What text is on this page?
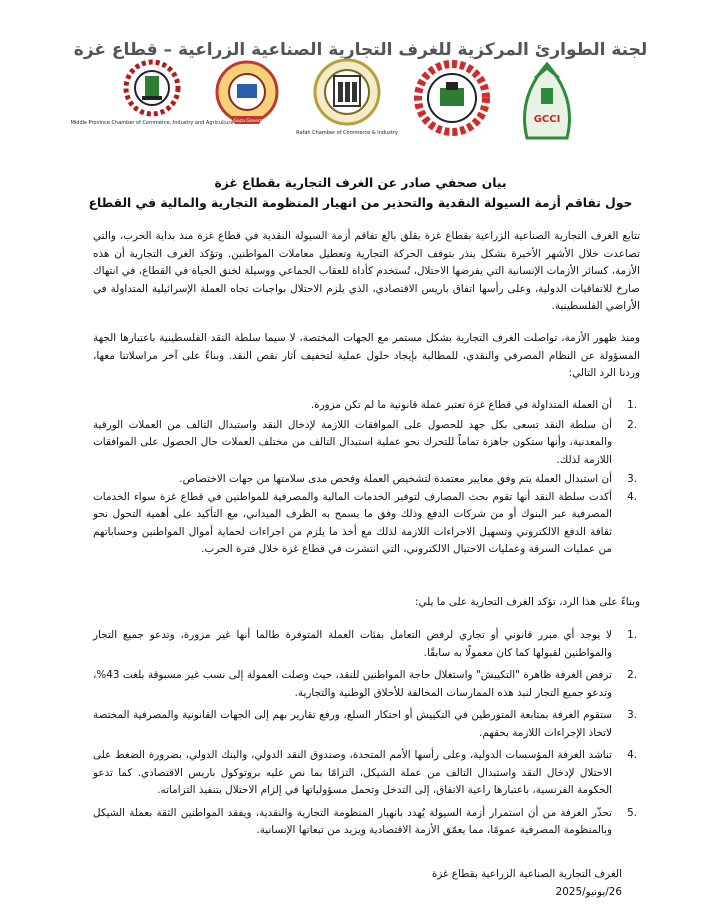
لجنة الطوارئ المركزية للغرف التجارية الصناعية الزراعية – قطاع غزة
Middle Province Chamber of Commerce, Industry and Agriculture
North Gaza Governorate
Rafah Chamber of Commerce & Industry
GCCI
بيان صحفي صادر عن الغرف التجارية بقطاع غزة
حول تفاقم أزمة السيولة النقدية والتحذير من انهيار المنظومة التجارية والمالية في القطاع
تتابع الغرف التجارية الصناعية الزراعية بقطاع غزة بقلق بالغ تفاقم أزمة السيولة النقدية في قطاع غزة منذ بداية الحرب، والتي تصاعدت خلال الأشهر الأخيرة بشكل ينذر بتوقف الحركة التجارية وتعطيل معاملات المواطنين. وتؤكد الغرف التجارية أن هذه الأزمة، كسائر الأزمات الإنسانية التي يفرضها الاحتلال، تُستخدم كأداة للعقاب الجماعي ووسيلة لخنق الحياة في القطاع، في انتهاك صارخ للاتفاقيات الدولية، وعلى رأسها اتفاق باريس الاقتصادي، الذي يلزم الاحتلال بواجبات تجاه العملة الإسرائيلية المتداولة في الأراضي الفلسطينية.
ومنذ ظهور الأزمة، تواصلت الغرف التجارية بشكل مستمر مع الجهات المختصة، لا سيما سلطة النقد الفلسطينية باعتبارها الجهة المسؤولة عن النظام المصرفي والنقدي، للمطالبة بإيجاد حلول عملية لتخفيف آثار نقص النقد. وبناءً على آخر مراسلاتنا معها، وردنا الرد التالي:
1.
أن العملة المتداولة في قطاع غزة تعتبر عملة قانونية ما لم تكن مزورة.
2.
أن سلطة النقد تسعى بكل جهد للحصول على الموافقات اللازمة لإدخال النقد واستبدال التالف من العملات الورقية والمعدنية، وأنها ستكون جاهزة تماماً للتحرك نحو عملية استبدال التالف من مختلف العملات حال الحصول على الموافقات اللازمة لذلك.
3.
أن استبدال العملة يتم وفق معايير معتمدة لتشخيص العملة وفحص مدى سلامتها من جهات الاختصاص.
4.
أكدت سلطة النقد أنها تقوم بحث المصارف لتوفير الخدمات المالية والمصرفية للمواطنين في قطاع غزة سواء الخدمات المصرفية عبر البنوك أو من شركات الدفع وذلك وفق ما يسمح به الظرف الميداني، مع التأكيد على أهمية التحول نحو ثقافة الدفع الالكتروني وتسهيل الاجراءات اللازمة لذلك مع أخذ ما يلزم من اجراءات لحماية أموال المواطنين وحساباتهم من عمليات السرقة وعمليات الاحتيال الالكتروني، التي انتشرت في قطاع غزة خلال فترة الحرب.
وبناءً على هذا الرد، تؤكد الغرف التجارية على ما يلي:
1.
لا يوجد أي مبرر قانوني أو تجاري لرفض التعامل بفئات العملة المتوفرة طالما أنها غير مزورة، وتدعو جميع التجار والمواطنين لقبولها كما كان معمولًا به سابقًا.
2.
ترفض الغرفة ظاهرة "التكييش" واستغلال حاجة المواطنين للنقد، حيث وصلت العمولة إلى نسب غير مسبوقة بلغت 43%، وتدعو جميع التجار لنبذ هذه الممارسات المخالفة للأخلاق الوطنية والتجارية.
3.
ستقوم الغرفة بمتابعة المتورطين في التكييش أو احتكار السلع، ورفع تقارير بهم إلى الجهات القانونية والمصرفية المختصة لاتخاذ الإجراءات اللازمة بحقهم.
4.
تناشد الغرفة المؤسسات الدولية، وعلى رأسها الأمم المتحدة، وصندوق النقد الدولي، والبنك الدولي، بضرورة الضغط على الاحتلال لإدخال النقد واستبدال التالف من عملة الشيكل، التزامًا بما نص عليه بروتوكول باريس الاقتصادي. كما تدعو الحكومة الفرنسية، باعتبارها راعية الاتفاق، إلى التدخل وتحمل مسؤولياتها في إلزام الاحتلال بتنفيذ التزاماته.
5.
تحذّر الغرفة من أن استمرار أزمة السيولة يُهدد بانهيار المنظومة التجارية والنقدية، ويفقد المواطنين الثقة بعملة الشيكل وبالمنظومة المصرفية عمومًا، مما يعمّق الأزمة الاقتصادية ويزيد من تبعاتها الإنسانية.
الغرف التجارية الصناعية الزراعية بقطاع غزة
26/يونيو/2025
